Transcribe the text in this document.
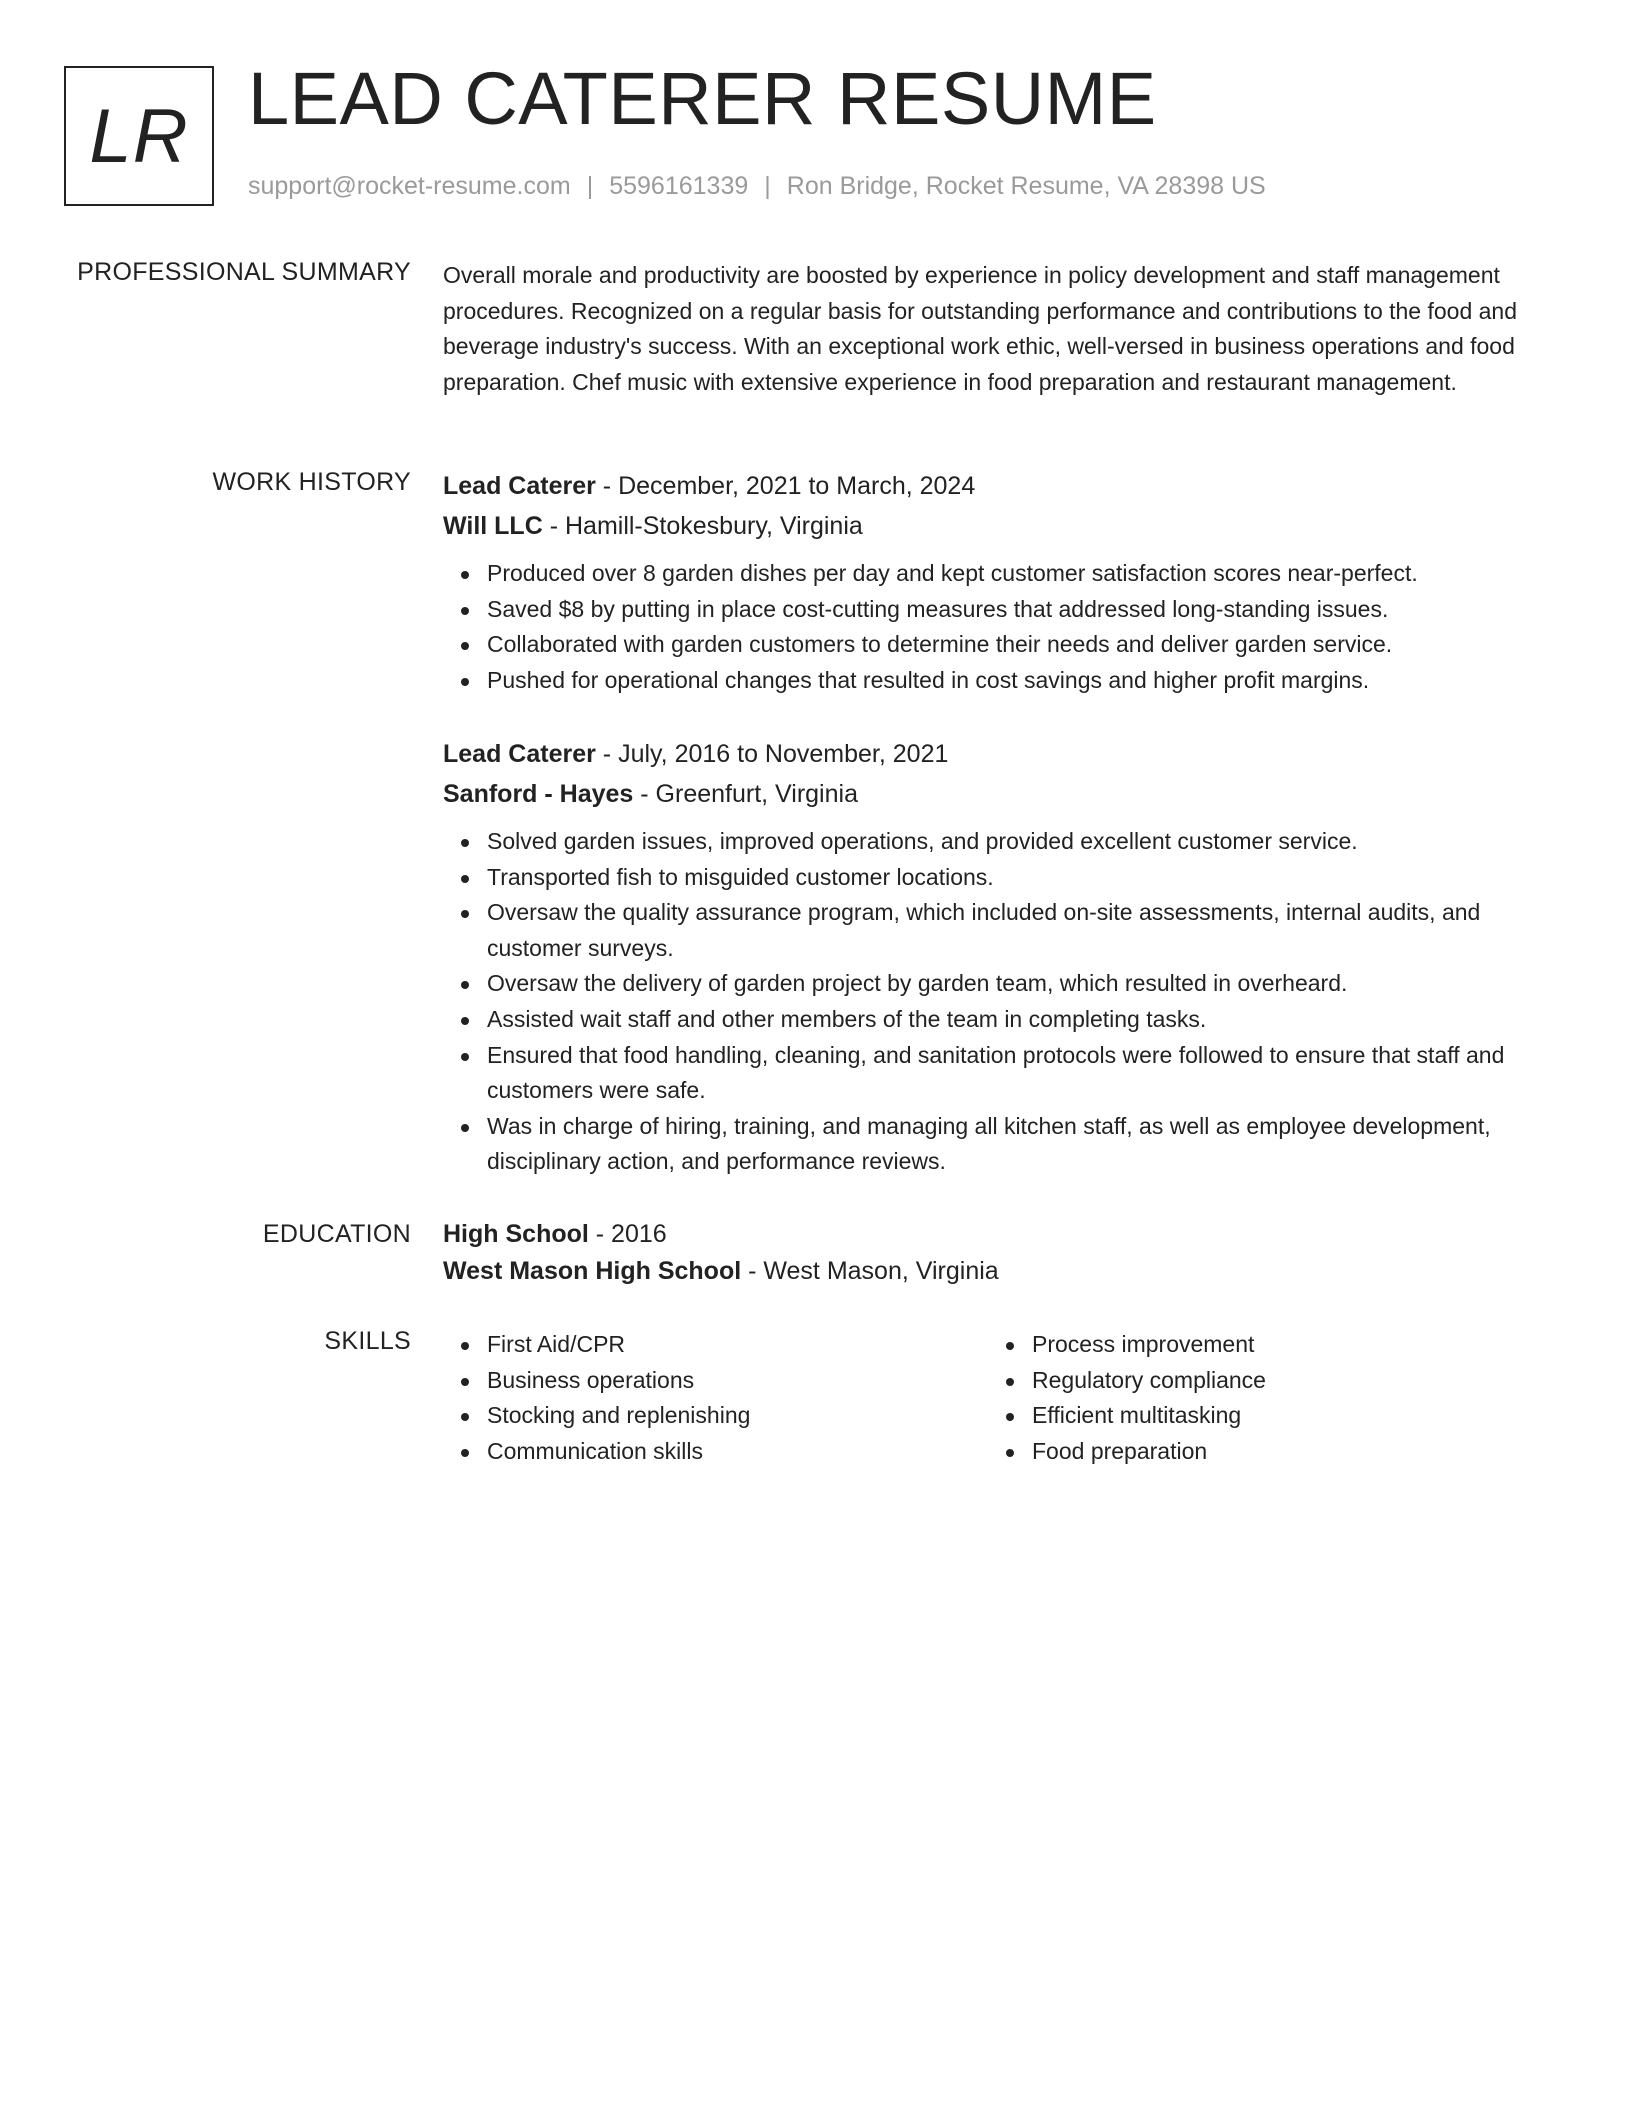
LR LEAD CATERER RESUME
support@rocket-resume.com | 5596161339 | Ron Bridge, Rocket Resume, VA 28398 US
PROFESSIONAL SUMMARY Overall morale and productivity are boosted by experience in policy development and staff management procedures. Recognized on a regular basis for outstanding performance and contributions to the food and beverage industry's success. With an exceptional work ethic, well-versed in business operations and food preparation. Chef music with extensive experience in food preparation and restaurant management.
WORK HISTORY Lead Caterer - December, 2021 to March, 2024
Will LLC - Hamill-Stokesbury, Virginia
Produced over 8 garden dishes per day and kept customer satisfaction scores near-perfect.
Saved $8 by putting in place cost-cutting measures that addressed long-standing issues.
Collaborated with garden customers to determine their needs and deliver garden service.
Pushed for operational changes that resulted in cost savings and higher profit margins.
Lead Caterer - July, 2016 to November, 2021
Sanford - Hayes - Greenfurt, Virginia
Solved garden issues, improved operations, and provided excellent customer service.
Transported fish to misguided customer locations.
Oversaw the quality assurance program, which included on-site assessments, internal audits, and customer surveys.
Oversaw the delivery of garden project by garden team, which resulted in overheard.
Assisted wait staff and other members of the team in completing tasks.
Ensured that food handling, cleaning, and sanitation protocols were followed to ensure that staff and customers were safe.
Was in charge of hiring, training, and managing all kitchen staff, as well as employee development, disciplinary action, and performance reviews.
EDUCATION High School - 2016
West Mason High School - West Mason, Virginia
SKILLS	First Aid/CPR
Business operations
Stocking and replenishing
Communication skills
Process improvement
Regulatory compliance
Efficient multitasking
Food preparation
